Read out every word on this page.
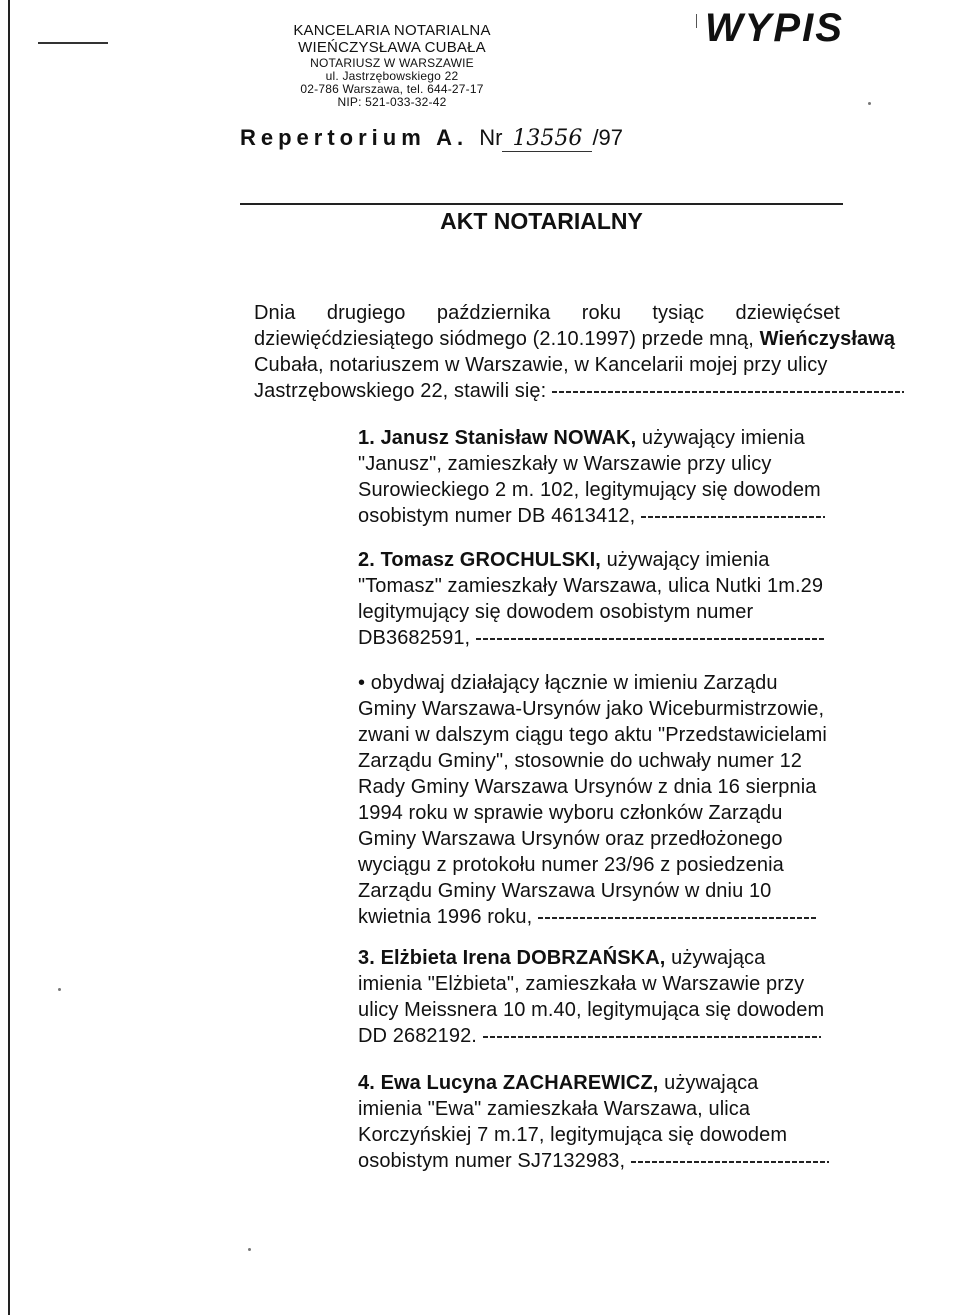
KANCELARIA NOTARIALNA
WIEŃCZYSŁAWA CUBAŁA
NOTARIUSZ W WARSZAWIE
ul. Jastrzębowskiego 22
02-786 Warszawa, tel. 644-27-17
NIP: 521-033-32-42
WYPIS
Repertorium A. Nr 13556 /97
AKT NOTARIALNY
Dnia drugiego października roku tysiąc dziewięćset
dziewięćdziesiątego siódmego (2.10.1997) przede mną, Wieńczysławą
Cubała, notariuszem w Warszawie, w Kancelarii mojej przy ulicy
Jastrzębowskiego 22, stawili się:
1. Janusz Stanisław NOWAK, używający imienia
"Janusz", zamieszkały w Warszawie przy ulicy
Surowieckiego 2 m. 102, legitymujący się dowodem
osobistym numer DB 4613412,
2. Tomasz GROCHULSKI, używający imienia
"Tomasz" zamieszkały Warszawa, ulica Nutki 1m.29
legitymujący się dowodem osobistym numer
DB3682591,
• obydwaj działający łącznie w imieniu Zarządu
Gminy Warszawa-Ursynów jako Wiceburmistrzowie,
zwani w dalszym ciągu tego aktu "Przedstawicielami
Zarządu Gminy", stosownie do uchwały numer 12
Rady Gminy Warszawa Ursynów z dnia 16 sierpnia
1994 roku w sprawie wyboru członków Zarządu
Gminy Warszawa Ursynów oraz przedłożonego
wyciągu z protokołu numer 23/96 z posiedzenia
Zarządu Gminy Warszawa Ursynów w dniu 10
kwietnia 1996 roku,
3. Elżbieta Irena DOBRZAŃSKA, używająca
imienia "Elżbieta", zamieszkała w Warszawie przy
ulicy Meissnera 10 m.40, legitymująca się dowodem
DD 2682192.
4. Ewa Lucyna ZACHAREWICZ, używająca
imienia "Ewa" zamieszkała Warszawa, ulica
Korczyńskiej 7 m.17, legitymująca się dowodem
osobistym numer SJ7132983,
